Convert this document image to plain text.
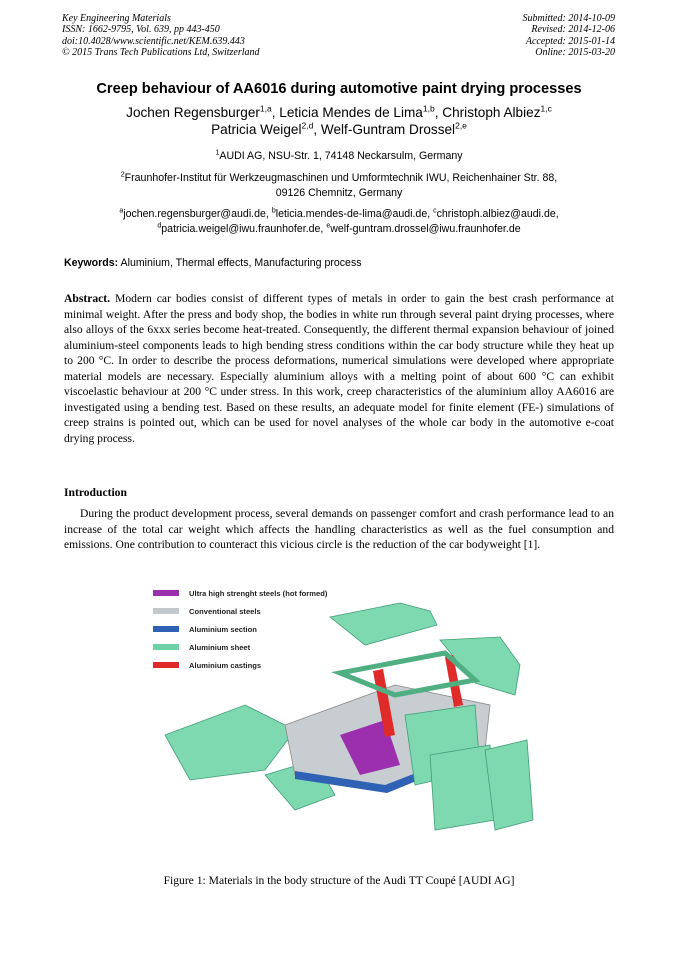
Key Engineering Materials
ISSN: 1662-9795, Vol. 639, pp 443-450
doi:10.4028/www.scientific.net/KEM.639.443
© 2015 Trans Tech Publications Ltd, Switzerland
Submitted: 2014-10-09
Revised: 2014-12-06
Accepted: 2015-01-14
Online: 2015-03-20
Creep behaviour of AA6016 during automotive paint drying processes
Jochen Regensburger$^{1,a}$, Leticia Mendes de Lima$^{1,b}$, Christoph Albiez$^{1,c}$
Patricia Weigel$^{2,d}$, Welf-Guntram Drossel$^{2,e}$
$^1$AUDI AG, NSU-Str. 1, 74148 Neckarsulm, Germany
$^2$Fraunhofer-Institut für Werkzeugmaschinen und Umformtechnik IWU, Reichenhainer Str. 88,
09126 Chemnitz, Germany
$^a$jochen.regensburger@audi.de, $^b$leticia.mendes-de-lima@audi.de, $^c$christoph.albiez@audi.de,
$^d$patricia.weigel@iwu.fraunhofer.de, $^e$welf-guntram.drossel@iwu.fraunhofer.de
Keywords: Aluminium, Thermal effects, Manufacturing process
Abstract. Modern car bodies consist of different types of metals in order to gain the best crash performance at minimal weight. After the press and body shop, the bodies in white run through several paint drying processes, where also alloys of the 6xxx series become heat-treated. Consequently, the different thermal expansion behaviour of joined aluminium-steel components leads to high bending stress conditions within the car body structure while they heat up to 200 °C. In order to describe the process deformations, numerical simulations were developed where appropriate material models are necessary. Especially aluminium alloys with a melting point of about 600 °C can exhibit viscoelastic behaviour at 200 °C under stress. In this work, creep characteristics of the aluminium alloy AA6016 are investigated using a bending test. Based on these results, an adequate model for finite element (FE-) simulations of creep strains is pointed out, which can be used for novel analyses of the whole car body in the automotive e-coat drying process.
Introduction
During the product development process, several demands on passenger comfort and crash performance lead to an increase of the total car weight which affects the handling characteristics as well as the fuel consumption and emissions. One contribution to counteract this vicious circle is the reduction of the car bodyweight [1].
Ultra high strenght steels (hot formed)
Conventional steels
Aluminium section
Aluminium sheet
Aluminium castings
Figure 1: Materials in the body structure of the Audi TT Coupé [AUDI AG]
